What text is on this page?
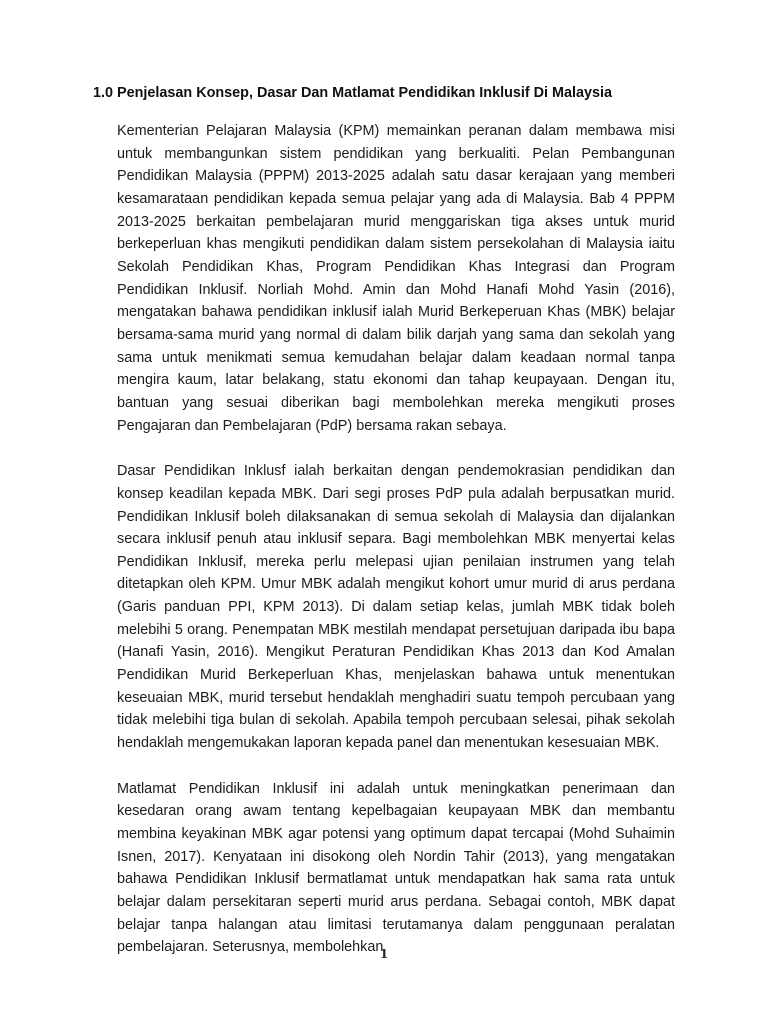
1.0 Penjelasan Konsep, Dasar Dan Matlamat Pendidikan Inklusif Di Malaysia

Kementerian Pelajaran Malaysia (KPM) memainkan peranan dalam membawa misi untuk membangunkan sistem pendidikan yang berkualiti. Pelan Pembangunan Pendidikan Malaysia (PPPM) 2013-2025 adalah satu dasar kerajaan yang memberi kesamarataan pendidikan kepada semua pelajar yang ada di Malaysia. Bab 4 PPPM 2013-2025 berkaitan pembelajaran murid menggariskan tiga akses untuk murid berkeperluan khas mengikuti pendidikan dalam sistem persekolahan di Malaysia iaitu Sekolah Pendidikan Khas, Program Pendidikan Khas Integrasi dan Program Pendidikan Inklusif. Norliah Mohd. Amin dan Mohd Hanafi Mohd Yasin (2016), mengatakan bahawa pendidikan inklusif ialah Murid Berkeperuan Khas (MBK) belajar bersama-sama murid yang normal di dalam bilik darjah yang sama dan sekolah yang sama untuk menikmati semua kemudahan belajar dalam keadaan normal tanpa mengira kaum, latar belakang, statu ekonomi dan tahap keupayaan. Dengan itu, bantuan yang sesuai diberikan bagi membolehkan mereka mengikuti proses Pengajaran dan Pembelajaran (PdP) bersama rakan sebaya.

Dasar Pendidikan Inklusf ialah berkaitan dengan pendemokrasian pendidikan dan konsep keadilan kepada MBK. Dari segi proses PdP pula adalah berpusatkan murid. Pendidikan Inklusif boleh dilaksanakan di semua sekolah di Malaysia dan dijalankan secara inklusif penuh atau inklusif separa. Bagi membolehkan MBK menyertai kelas Pendidikan Inklusif, mereka perlu melepasi ujian penilaian instrumen yang telah ditetapkan oleh KPM. Umur MBK adalah mengikut kohort umur murid di arus perdana (Garis panduan PPI, KPM 2013). Di dalam setiap kelas, jumlah MBK tidak boleh melebihi 5 orang. Penempatan MBK mestilah mendapat persetujuan daripada ibu bapa (Hanafi Yasin, 2016). Mengikut Peraturan Pendidikan Khas 2013 dan Kod Amalan Pendidikan Murid Berkeperluan Khas, menjelaskan bahawa untuk menentukan keseuaian MBK, murid tersebut hendaklah menghadiri suatu tempoh percubaan yang tidak melebihi tiga bulan di sekolah. Apabila tempoh percubaan selesai, pihak sekolah hendaklah mengemukakan laporan kepada panel dan menentukan kesesuaian MBK.

Matlamat Pendidikan Inklusif ini adalah untuk meningkatkan penerimaan dan kesedaran orang awam tentang kepelbagaian keupayaan MBK dan membantu membina keyakinan MBK agar potensi yang optimum dapat tercapai (Mohd Suhaimin Isnen, 2017). Kenyataan ini disokong oleh Nordin Tahir (2013), yang mengatakan bahawa Pendidikan Inklusif bermatlamat untuk mendapatkan hak sama rata untuk belajar dalam persekitaran seperti murid arus perdana. Sebagai contoh, MBK dapat belajar tanpa halangan atau limitasi terutamanya dalam penggunaan peralatan pembelajaran. Seterusnya, membolehkan

1
